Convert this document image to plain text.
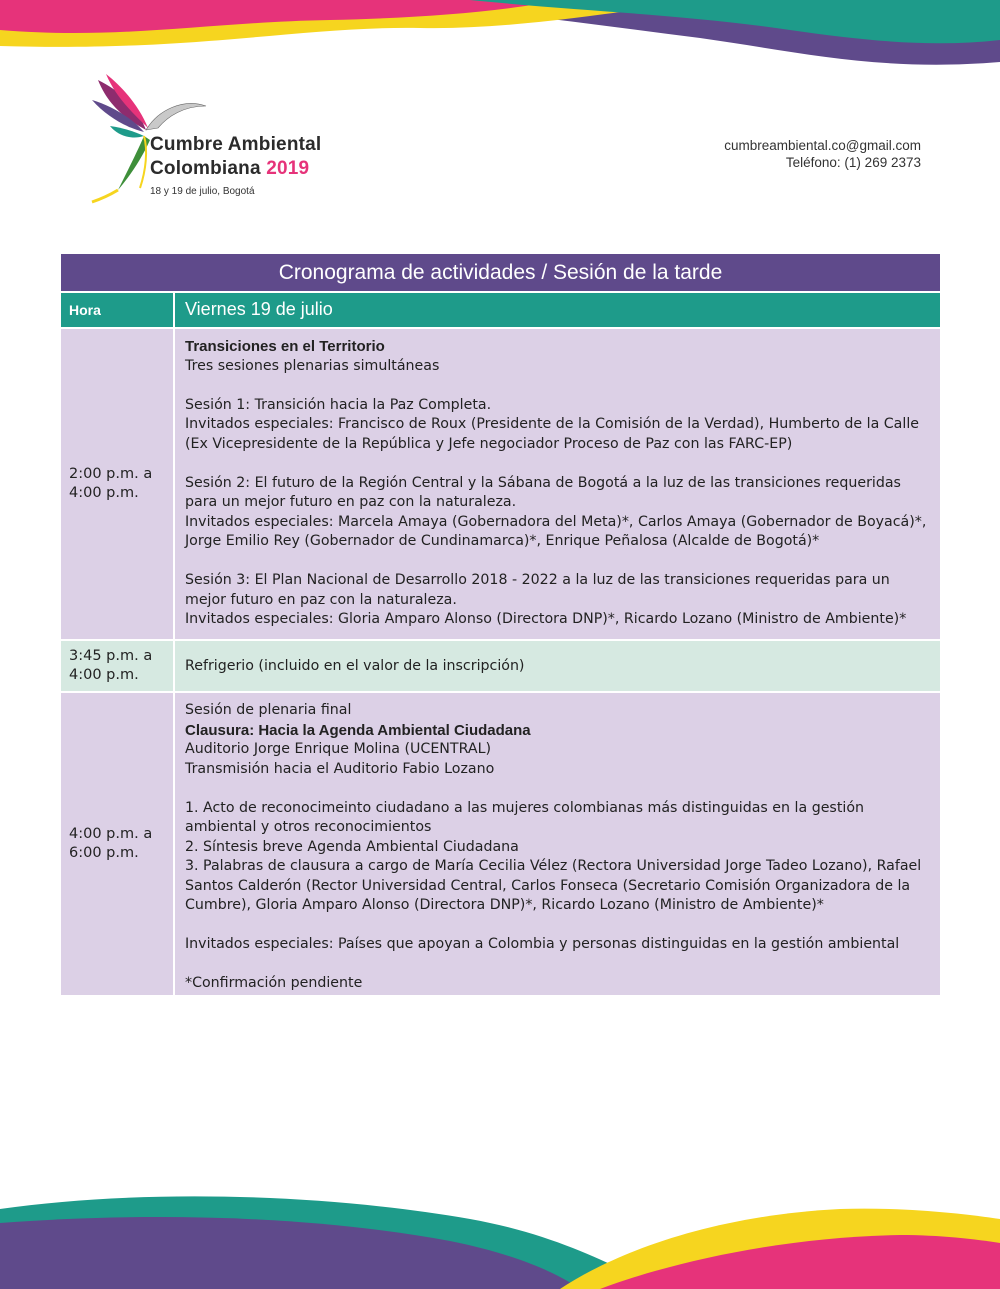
Cumbre Ambiental
Colombiana 2019
18 y 19 de julio, Bogotá
cumbreambiental.co@gmail.com
Teléfono: (1) 269 2373
Cronograma de actividades / Sesión de la tarde
Hora	Viernes 19 de julio
2:00 p.m. a
4:00 p.m.

Transiciones en el Territorio

Tres sesiones plenarias simultáneas

Sesión 1: Transición hacia la Paz Completa.

Invitados especiales: Francisco de Roux (Presidente de la Comisión de la Verdad), Humberto de la Calle (Ex Vicepresidente de la República y Jefe negociador Proceso de Paz con las FARC-EP)

Sesión 2: El futuro de la Región Central y la Sábana de Bogotá a la luz de las transiciones requeridas para un mejor futuro en paz con la naturaleza.

Invitados especiales: Marcela Amaya (Gobernadora del Meta)*, Carlos Amaya (Gobernador de Boyacá)*, Jorge Emilio Rey (Gobernador de Cundinamarca)*, Enrique Peñalosa (Alcalde de Bogotá)*

Sesión 3: El Plan Nacional de Desarrollo 2018 - 2022 a la luz de las transiciones requeridas para un mejor futuro en paz con la naturaleza.

Invitados especiales: Gloria Amparo Alonso (Directora DNP)*, Ricardo Lozano (Ministro de Ambiente)*

3:45 p.m. a
4:00 p.m.
Refrigerio (incluido en el valor de la inscripción)
4:00 p.m. a
6:00 p.m.

Sesión de plenaria final

Clausura: Hacia la Agenda Ambiental Ciudadana

Auditorio Jorge Enrique Molina (UCENTRAL)

Transmisión hacia el Auditorio Fabio Lozano

1. Acto de reconocimeinto ciudadano a las mujeres colombianas más distinguidas en la gestión ambiental y otros reconocimientos

2. Síntesis breve Agenda Ambiental Ciudadana

3. Palabras de clausura a cargo de María Cecilia Vélez (Rectora Universidad Jorge Tadeo Lozano), Rafael Santos Calderón (Rector Universidad Central, Carlos Fonseca (Secretario Comisión Organizadora de la Cumbre), Gloria Amparo Alonso (Directora DNP)*, Ricardo Lozano (Ministro de Ambiente)*

Invitados especiales: Países que apoyan a Colombia y personas distinguidas en la gestión ambiental

*Confirmación pendiente
